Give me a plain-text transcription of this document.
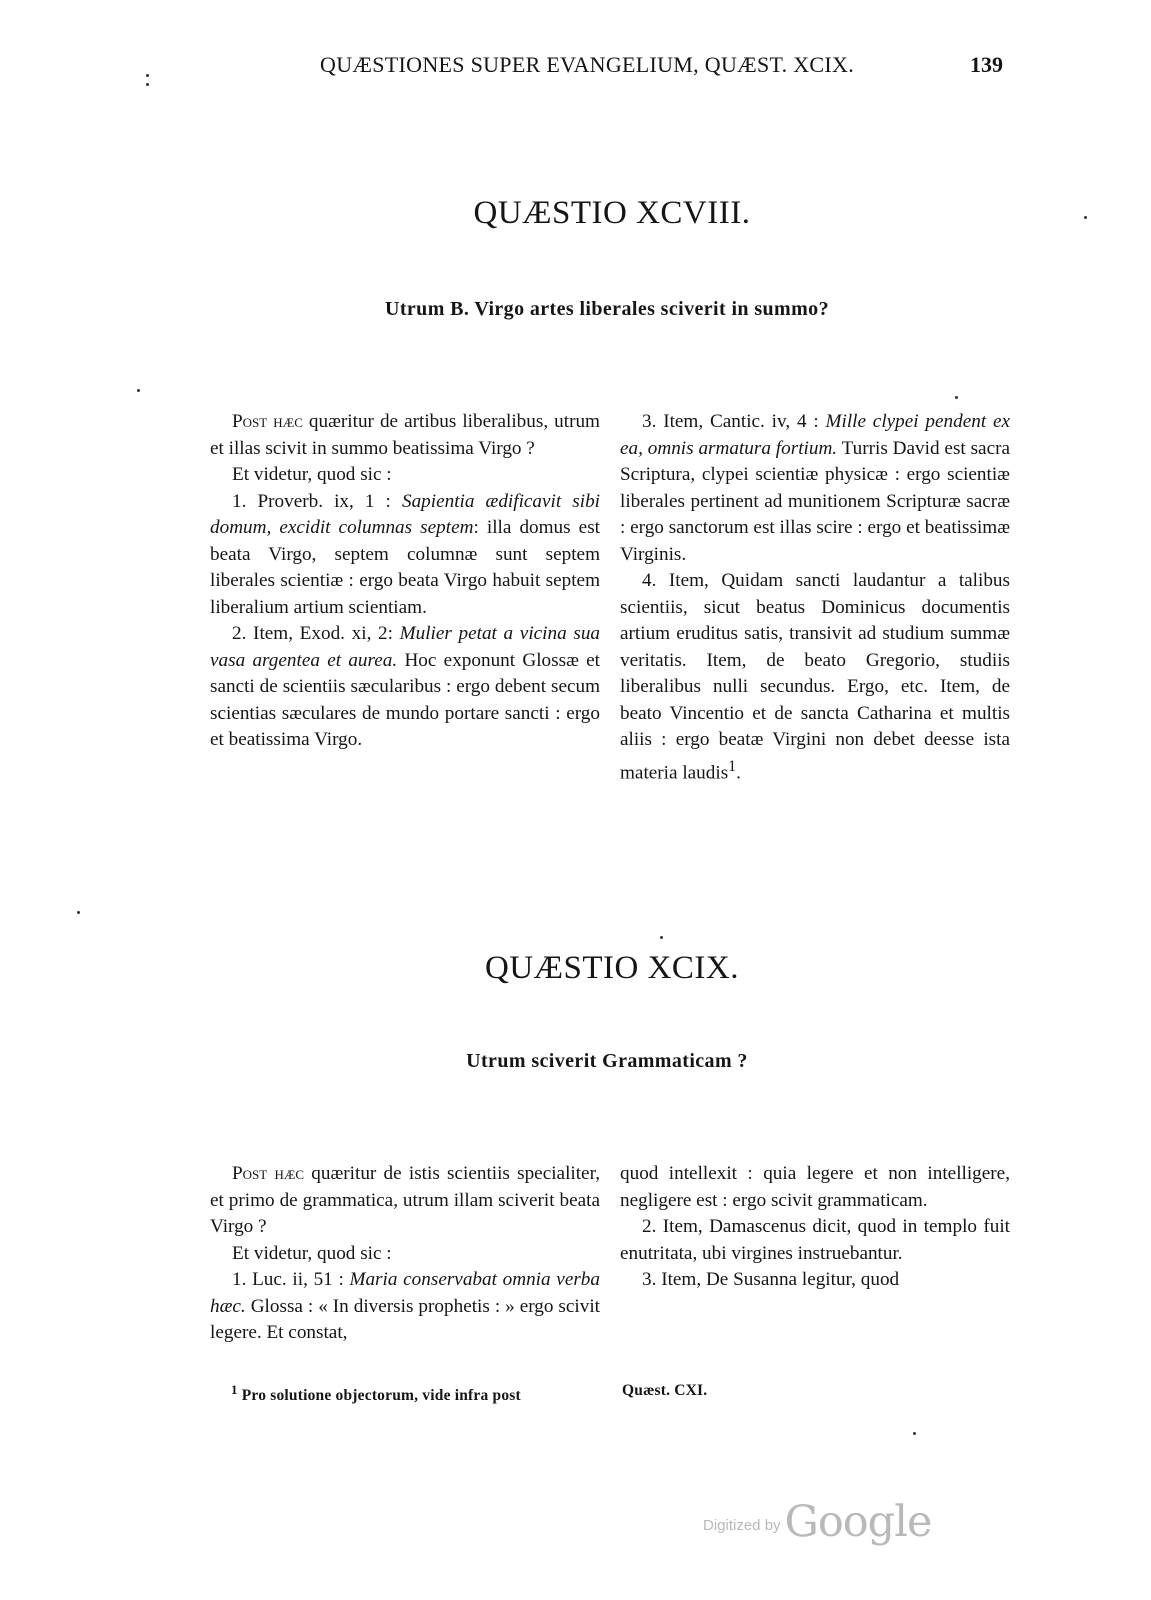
QUÆSTIONES SUPER EVANGELIUM, QUÆST. XCIX.	139
QUÆSTIO XCVIII.
Utrum B. Virgo artes liberales sciverit in summo?

Post hæc quæritur de artibus liberalibus, utrum et illas scivit in summo beatissima Virgo ?

Et videtur, quod sic :

1. Proverb. ix, 1 : Sapientia ædificavit sibi domum, excidit columnas septem: illa domus est beata Virgo, septem columnæ sunt septem liberales scientiæ : ergo beata Virgo habuit septem liberalium artium scientiam.

2. Item, Exod. xi, 2: Mulier petat a vicina sua vasa argentea et aurea. Hoc exponunt Glossæ et sancti de scientiis sæcularibus : ergo debent secum scientias sæculares de mundo portare sancti : ergo et beatissima Virgo.

3. Item, Cantic. iv, 4 : Mille clypei pendent ex ea, omnis armatura fortium. Turris David est sacra Scriptura, clypei scientiæ physicæ : ergo scientiæ liberales pertinent ad munitionem Scripturæ sacræ : ergo sanctorum est illas scire : ergo et beatissimæ Virginis.

4. Item, Quidam sancti laudantur a talibus scientiis, sicut beatus Dominicus documentis artium eruditus satis, transivit ad studium summæ veritatis. Item, de beato Gregorio, studiis liberalibus nulli secundus. Ergo, etc. Item, de beato Vincentio et de sancta Catharina et multis aliis : ergo beatæ Virgini non debet deesse ista materia laudis$^1$.

QUÆSTIO XCIX.
Utrum sciverit Grammaticam ?

Post hæc quæritur de istis scientiis specialiter, et primo de grammatica, utrum illam sciverit beata Virgo ?

Et videtur, quod sic :

1. Luc. ii, 51 : Maria conservabat omnia verba hæc. Glossa : « In diversis prophetis : » ergo scivit legere. Et constat,

quod intellexit : quia legere et non intelligere, negligere est : ergo scivit grammaticam.

2. Item, Damascenus dicit, quod in templo fuit enutritata, ubi virgines instruebantur.

3. Item, De Susanna legitur, quod

$^1$ Pro solutione objectorum, vide infra post	Quæst. CXI.
Digitized by Google
